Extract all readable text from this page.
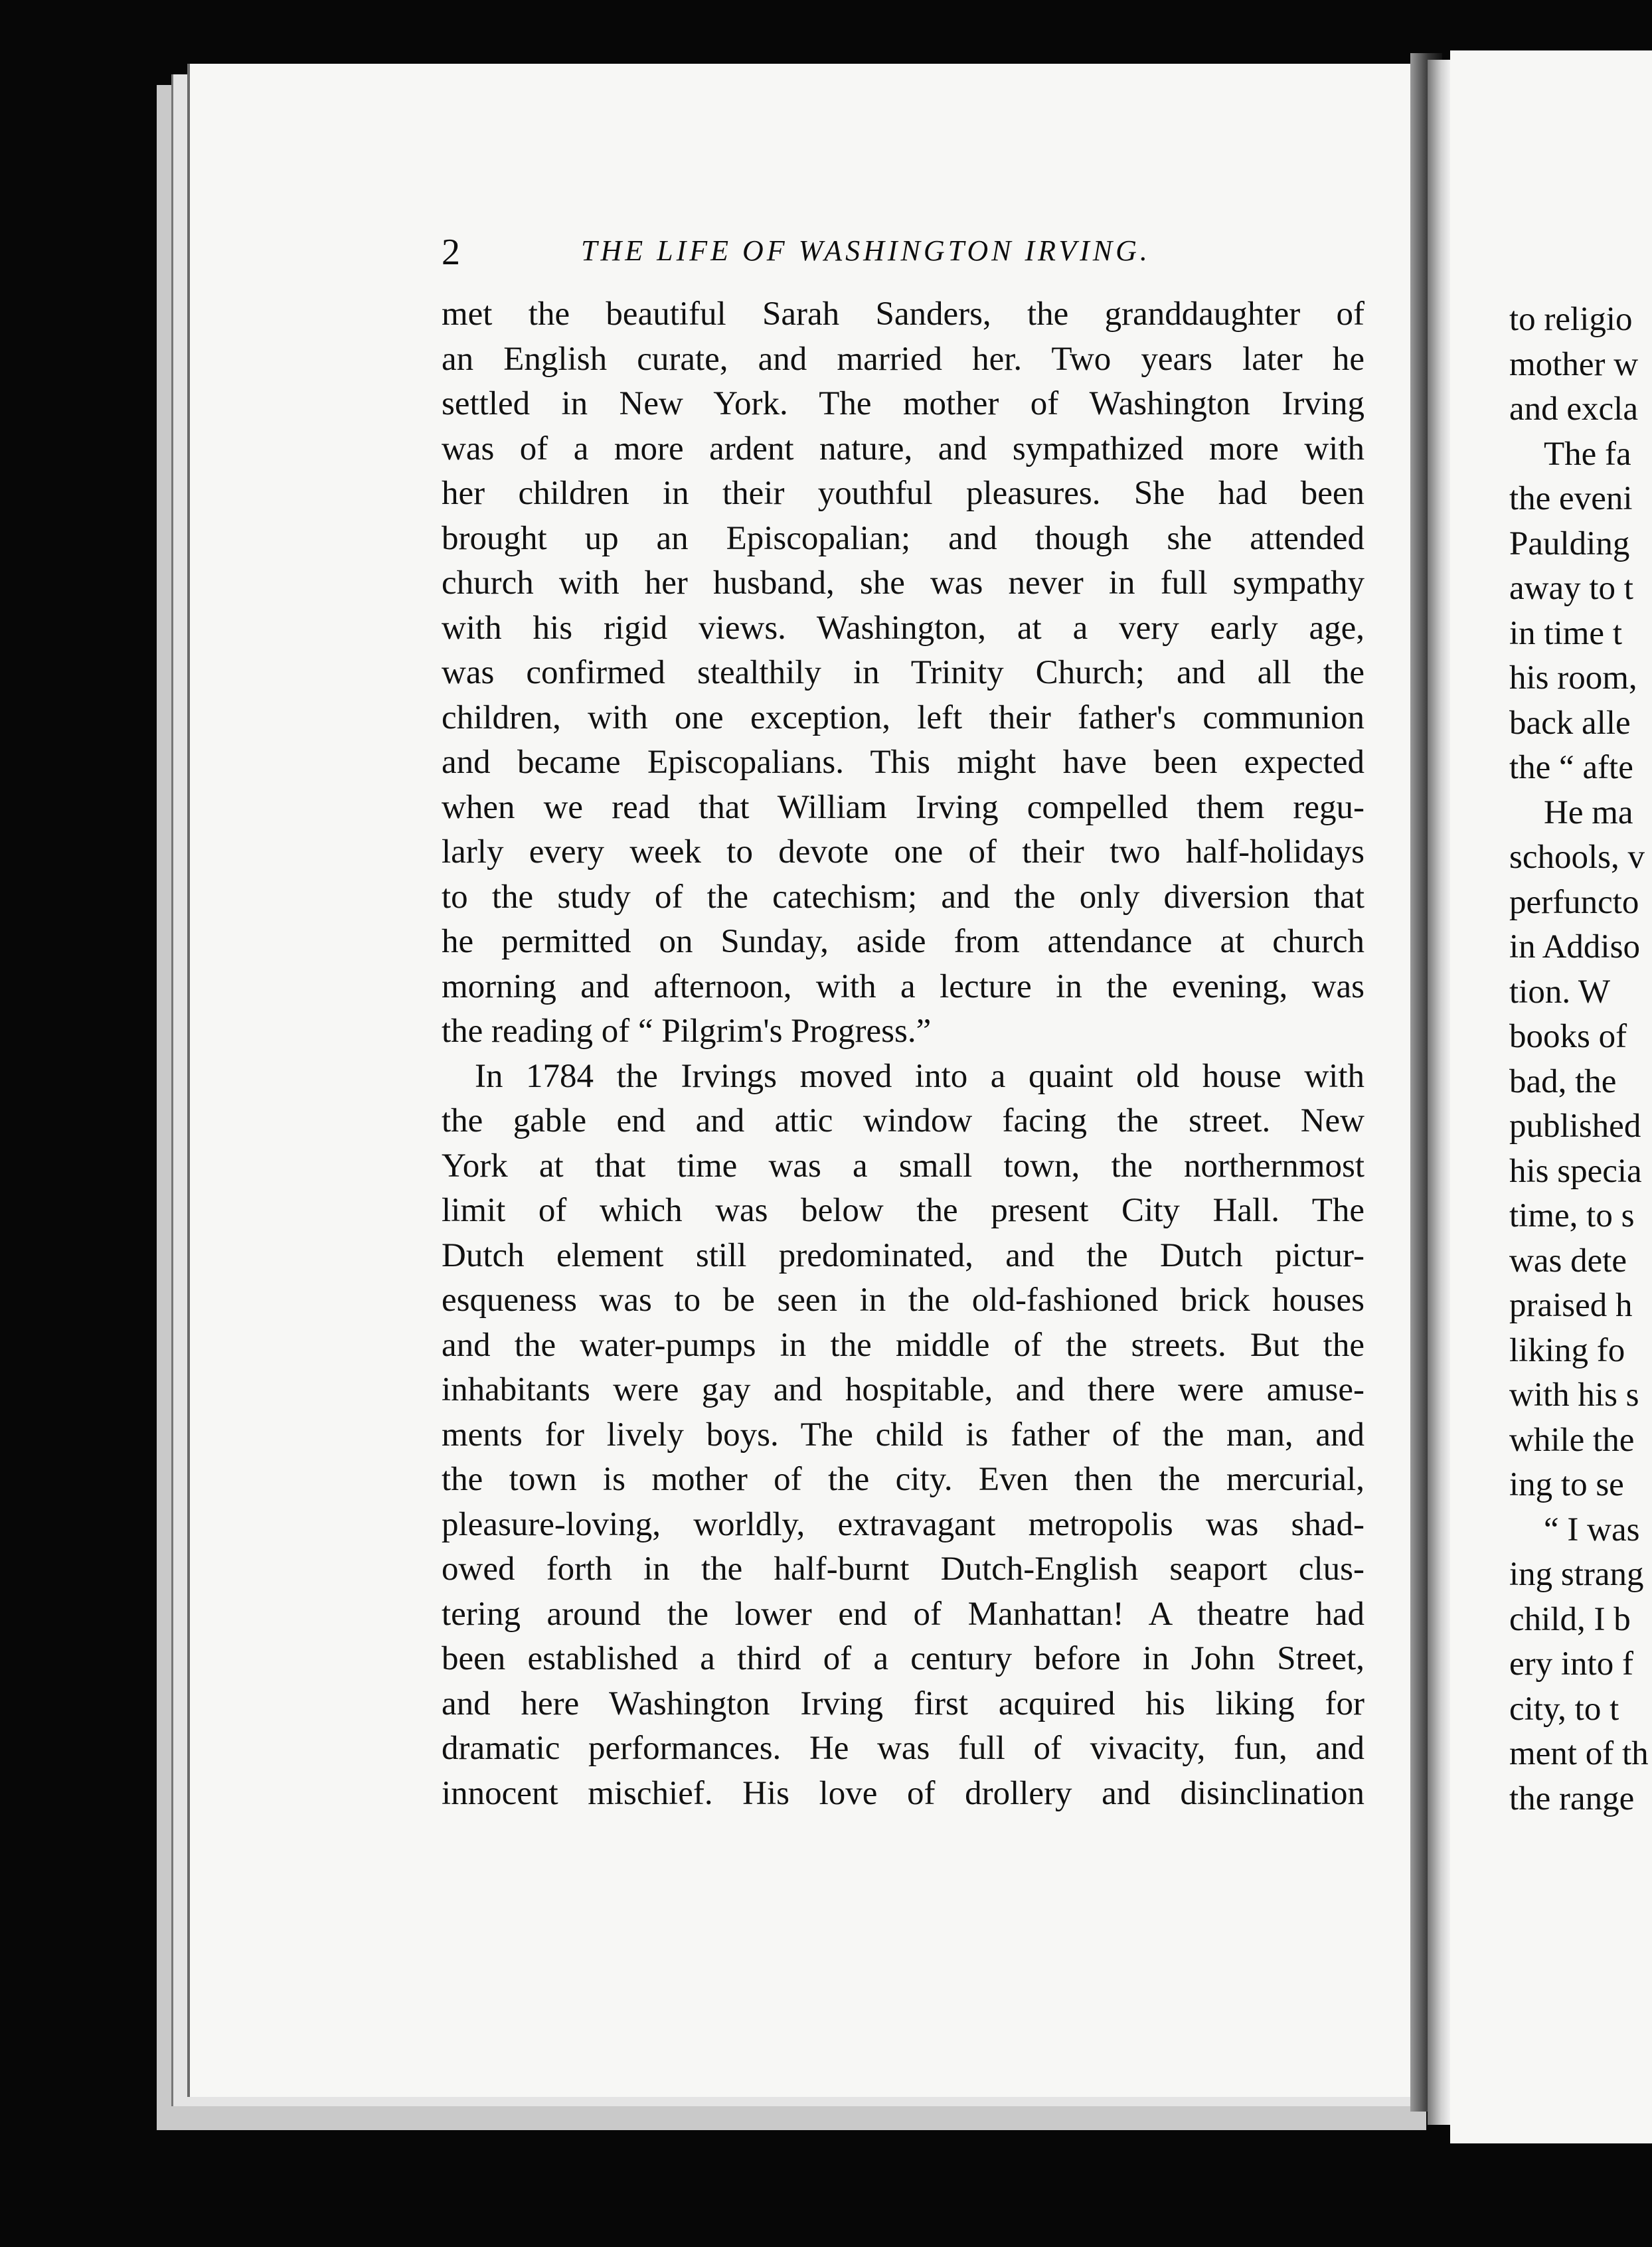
2	THE LIFE OF WASHINGTON IRVING.
met the beautiful Sarah Sanders, the granddaughter of
an English curate, and married her. Two years later he
settled in New York. The mother of Washington Irving
was of a more ardent nature, and sympathized more with
her children in their youthful pleasures. She had been
brought up an Episcopalian; and though she attended
church with her husband, she was never in full sympathy
with his rigid views. Washington, at a very early age,
was confirmed stealthily in Trinity Church; and all the
children, with one exception, left their father's communion
and became Episcopalians. This might have been expected
when we read that William Irving compelled them regu-
larly every week to devote one of their two half-holidays
to the study of the catechism; and the only diversion that
he permitted on Sunday, aside from attendance at church
morning and afternoon, with a lecture in the evening, was
the reading of “ Pilgrim's Progress.”
In 1784 the Irvings moved into a quaint old house with
the gable end and attic window facing the street. New
York at that time was a small town, the northernmost
limit of which was below the present City Hall. The
Dutch element still predominated, and the Dutch pictur-
esqueness was to be seen in the old-fashioned brick houses
and the water-pumps in the middle of the streets. But the
inhabitants were gay and hospitable, and there were amuse-
ments for lively boys. The child is father of the man, and
the town is mother of the city. Even then the mercurial,
pleasure-loving, worldly, extravagant metropolis was shad-
owed forth in the half-burnt Dutch-English seaport clus-
tering around the lower end of Manhattan! A theatre had
been established a third of a century before in John Street,
and here Washington Irving first acquired his liking for
dramatic performances. He was full of vivacity, fun, and
innocent mischief. His love of drollery and disinclination
to religio
mother w
and excla
The fa
the eveni
Paulding
away to t
in time t
his room,
back alle
the “ afte
He ma
schools, v
perfuncto
in Addiso
tion. W
books of
bad, the
published
his specia
time, to s
was dete
praised h
liking fo
with his s
while the
ing to se
“ I was
ing strang
child, I b
ery into f
city, to t
ment of th
the range
